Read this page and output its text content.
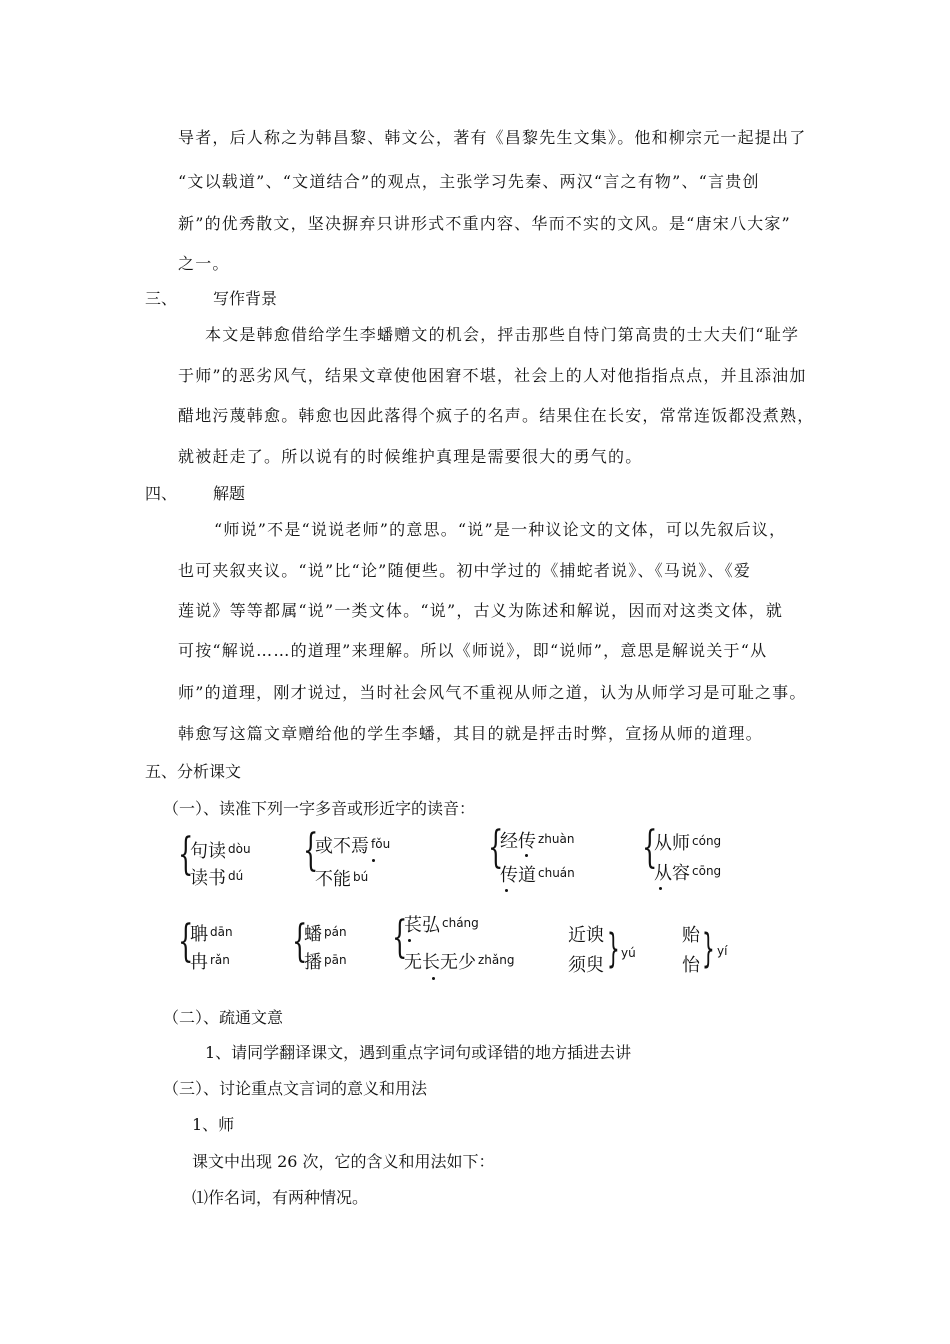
导者，后人称之为韩昌黎、韩文公，著有《昌黎先生文集》。他和柳宗元一起提出了
“文以载道”、“文道结合”的观点，主张学习先秦、两汉“言之有物”、“言贵创
新”的优秀散文，坚决摒弃只讲形式不重内容、华而不实的文风。是“唐宋八大家”
之一。
三、 写作背景
本文是韩愈借给学生李蟠赠文的机会，抨击那些自恃门第高贵的士大夫们“耻学
于师”的恶劣风气，结果文章使他困窘不堪，社会上的人对他指指点点，并且添油加
醋地污蔑韩愈。韩愈也因此落得个疯子的名声。结果住在长安，常常连饭都没煮熟，
就被赶走了。所以说有的时候维护真理是需要很大的勇气的。
四、 解题
“师说”不是“说说老师”的意思。“说”是一种议论文的文体，可以先叙后议，
也可夹叙夹议。“说”比“论”随便些。初中学过的《捕蛇者说》、《马说》、《爱
莲说》等等都属“说”一类文体。“说”，古义为陈述和解说，因而对这类文体，就
可按“解说……的道理”来理解。所以《师说》，即“说师”，意思是解说关于“从
师”的道理，刚才说过，当时社会风气不重视从师之道，认为从师学习是可耻之事。
韩愈写这篇文章赠给他的学生李蟠，其目的就是抨击时弊，宣扬从师的道理。
五、分析课文
（一）、读准下列一字多音或形近字的读音：
{
句读 $^{dòu}$
读书 $^{dú}$ {
或不焉 $^{fǒu}$
不能 $^{bú}$
{
经传 $^{zhuàn}$
传道 $^{chuán}$ {
从师 $^{cóng}$
从容 $^{cōng}$
{
聃 $^{dān}$
冉 $^{rǎn}$ {
蟠 $^{pán}$
播 $^{pān}$ {
苌弘 $^{cháng}$
无长无少 $^{zhǎng}$
近谀
须臾 } yú
贻
怡 } yí
（二）、疏通文意
1、请同学翻译课文，遇到重点字词句或译错的地方插进去讲
（三）、讨论重点文言词的意义和用法
1、师
课文中出现 26 次，它的含义和用法如下：
⑴作名词，有两种情况。
